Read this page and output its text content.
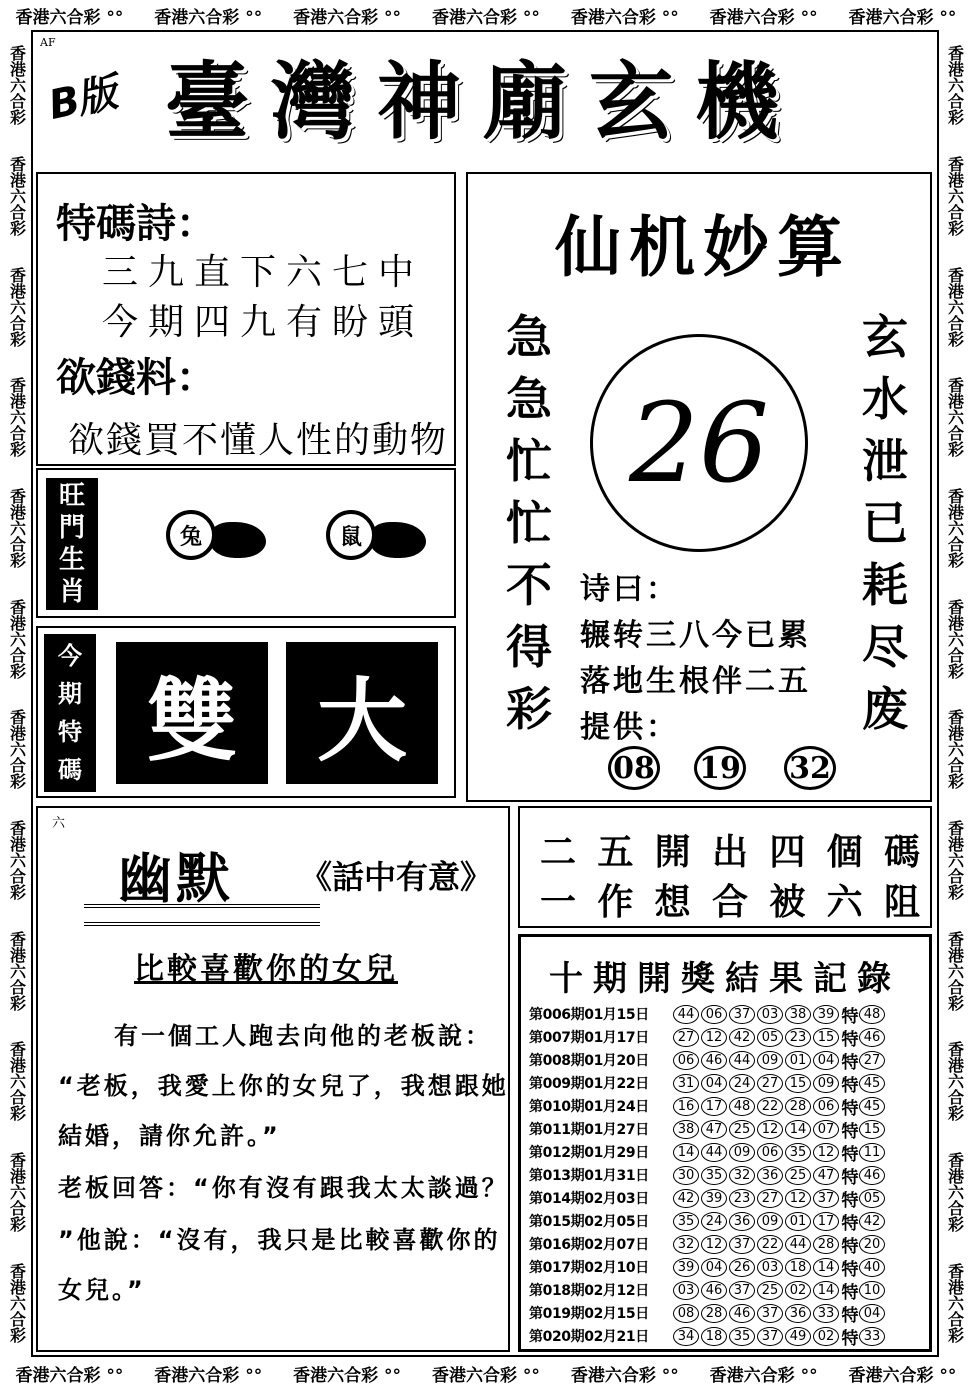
香港六合彩 °° 香港六合彩 °° 香港六合彩 °° 香港六合彩 °° 香港六合彩 °° 香港六合彩 °° 香港六合彩 °°
香港六合彩 °° 香港六合彩 °° 香港六合彩 °° 香港六合彩 °° 香港六合彩 °° 香港六合彩 °° 香港六合彩 °°
香港六合彩
香港六合彩
香港六合彩
香港六合彩
香港六合彩
香港六合彩
香港六合彩
香港六合彩
香港六合彩
香港六合彩
香港六合彩
香港六合彩
香港六合彩
香港六合彩
香港六合彩
香港六合彩
香港六合彩
香港六合彩
香港六合彩
香港六合彩
香港六合彩
香港六合彩
香港六合彩
香港六合彩
AF
B版 臺灣神廟玄機
特碼詩：
三九直下六七中
今期四九有盼頭
欲錢料：
欲錢買不懂人性的動物
旺
門
生
肖
兔	鼠
今
期
特
碼 雙 大
仙机妙算
急
急
忙
忙
不
得
彩
玄
水
泄
已
耗
尽
废
26
诗曰：
辗转三八今已累
落地生根伴二五
提供：
08 19 32
六
幽默 《話中有意》
比較喜歡你的女兒
有一個工人跑去向他的老板說：
“老板，我愛上你的女兒了，我想跟她
結婚，請你允許。”
老板回答：“你有沒有跟我太太談過？
”他說：“沒有，我只是比較喜歡你的
女兒。”
二 五 開 出 四 個 碼
一 作 想 合 被 六 阻
十期開獎結果記錄
第006期01月15日	44 06 37 03 38 39 特 48
第007期01月17日	27 12 42 05 23 15 特 46
第008期01月20日	06 46 44 09 01 04 特 27
第009期01月22日	31 04 24 27 15 09 特 45
第010期01月24日	16 17 48 22 28 06 特 45
第011期01月27日	38 47 25 12 14 07 特 15
第012期01月29日	14 44 09 06 35 12 特 11
第013期01月31日	30 35 32 36 25 47 特 46
第014期02月03日	42 39 23 27 12 37 特 05
第015期02月05日	35 24 36 09 01 17 特 42
第016期02月07日	32 12 37 22 44 28 特 20
第017期02月10日	39 04 26 03 18 14 特 40
第018期02月12日	03 46 37 25 02 14 特 10
第019期02月15日	08 28 46 37 36 33 特 04
第020期02月21日	34 18 35 37 49 02 特 33
